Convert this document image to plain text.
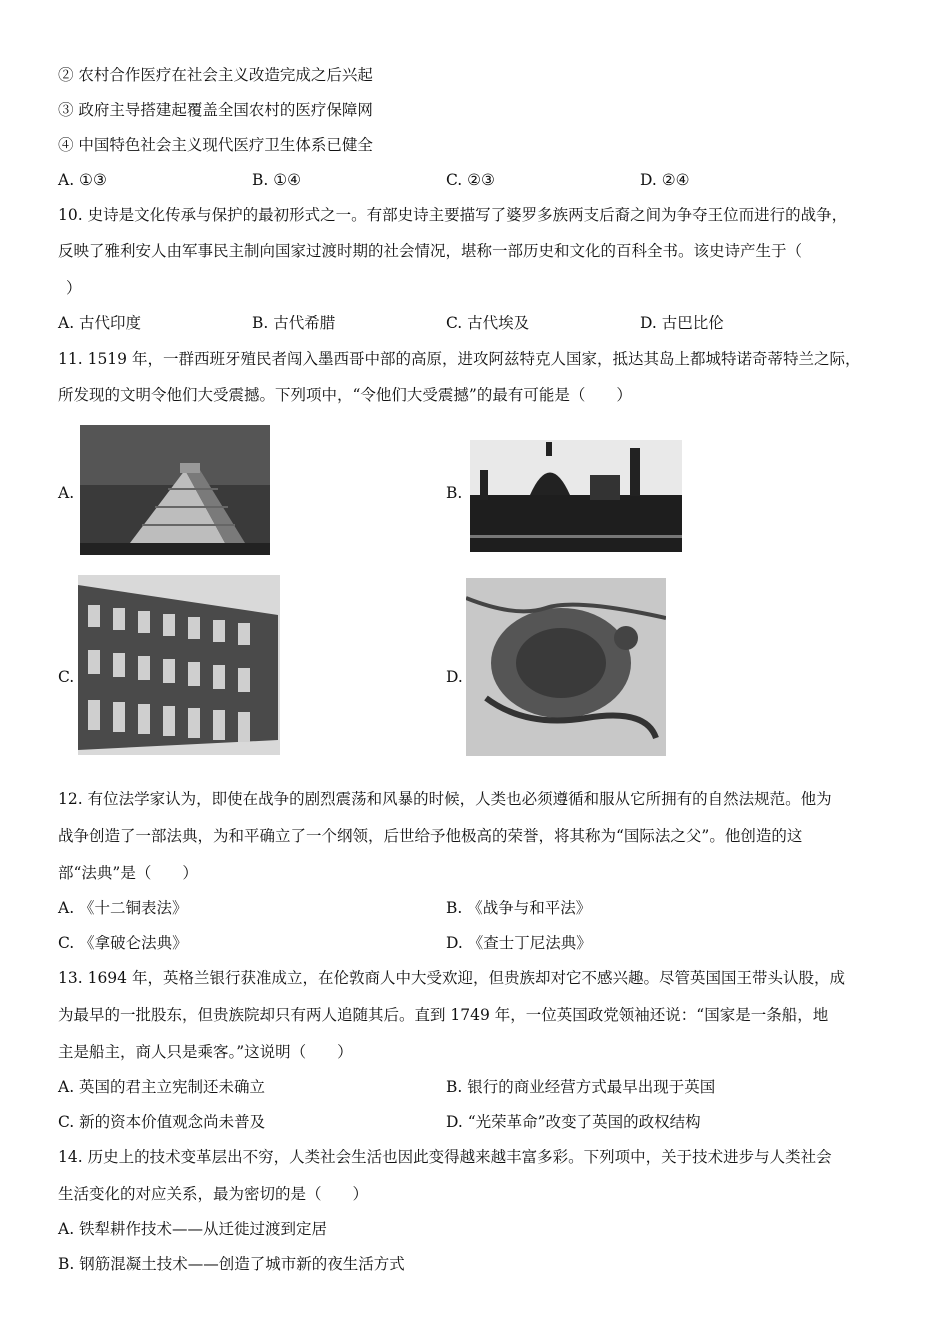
② 农村合作医疗在社会主义改造完成之后兴起
③ 政府主导搭建起覆盖全国农村的医疗保障网
④ 中国特色社会主义现代医疗卫生体系已健全
A. ①③	B. ①④	C. ②③	D. ②④
10. 史诗是文化传承与保护的最初形式之一。有部史诗主要描写了婆罗多族两支后裔之间为争夺王位而进行的战争，
反映了雅利安人由军事民主制向国家过渡时期的社会情况，堪称一部历史和文化的百科全书。该史诗产生于（
）
A. 古代印度	B. 古代希腊	C. 古代埃及	D. 古巴比伦
11. 1519 年，一群西班牙殖民者闯入墨西哥中部的高原，进攻阿兹特克人国家，抵达其岛上都城特诺奇蒂特兰之际，
所发现的文明令他们大受震撼。下列项中，“令他们大受震撼”的最有可能是（　　）
A.	B.
C.	D.
12. 有位法学家认为，即使在战争的剧烈震荡和风暴的时候，人类也必须遵循和服从它所拥有的自然法规范。他为
战争创造了一部法典，为和平确立了一个纲领，后世给予他极高的荣誉，将其称为“国际法之父”。他创造的这
部“法典”是（　　）
A. 《十二铜表法》	B. 《战争与和平法》
C. 《拿破仑法典》	D. 《查士丁尼法典》
13. 1694 年，英格兰银行获准成立，在伦敦商人中大受欢迎，但贵族却对它不感兴趣。尽管英国国王带头认股，成
为最早的一批股东，但贵族院却只有两人追随其后。直到 1749 年，一位英国政党领袖还说：“国家是一条船，地
主是船主，商人只是乘客。”这说明（　　）
A. 英国的君主立宪制还未确立	B. 银行的商业经营方式最早出现于英国
C. 新的资本价值观念尚未普及	D. “光荣革命”改变了英国的政权结构
14. 历史上的技术变革层出不穷，人类社会生活也因此变得越来越丰富多彩。下列项中，关于技术进步与人类社会
生活变化的对应关系，最为密切的是（　　）
A. 铁犁耕作技术——从迁徙过渡到定居
B. 钢筋混凝土技术——创造了城市新的夜生活方式
